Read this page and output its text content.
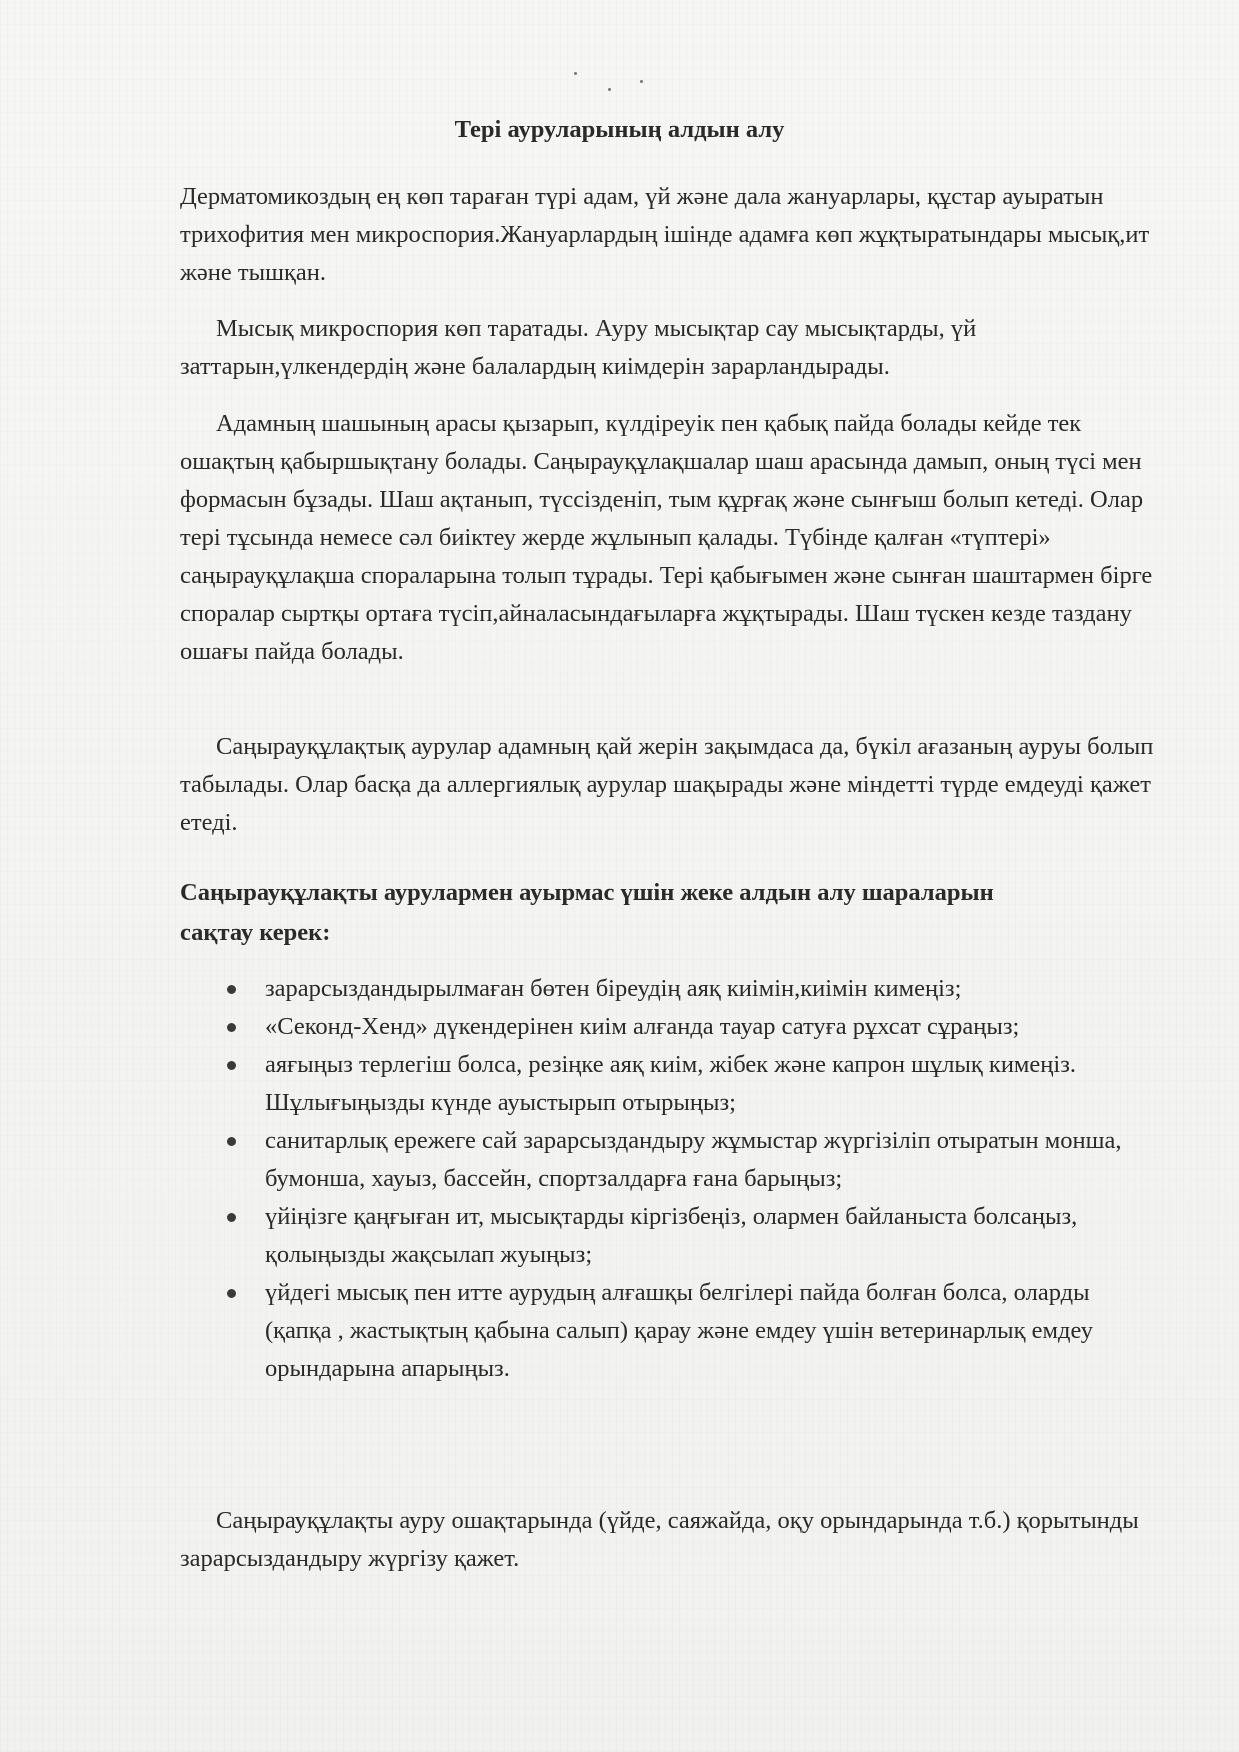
Тері ауруларының алдын алу

Дерматомикоздың ең көп тараған түрі адам, үй және дала жануарлары, құстар ауыратын трихофития мен микроспория.Жануарлардың ішінде адамға көп жұқтыратындары мысық,ит және тышқан.

Мысық микроспория көп таратады. Ауру мысықтар сау мысықтарды, үй заттарын,үлкендердің және балалардың киімдерін зарарландырады.

Адамның шашының арасы қызарып, күлдіреуік пен қабық пайда болады кейде тек ошақтың қабыршықтану болады. Саңырауқұлақшалар шаш арасында дамып, оның түсі мен формасын бұзады. Шаш ақтанып, түссізденіп, тым құрғақ және сынғыш болып кетеді. Олар тері тұсында немесе сәл биіктеу жерде жұлынып қалады. Түбінде қалған «түптері» саңырауқұлақша спораларына толып тұрады. Тері қабығымен және сынған шаштармен бірге споралар сыртқы ортаға түсіп,айналасындағыларға жұқтырады. Шаш түскен кезде таздану ошағы пайда болады.

Саңырауқұлақтық аурулар адамның қай жерін зақымдаса да, бүкіл ағазаның ауруы болып табылады. Олар басқа да аллергиялық аурулар шақырады және міндетті түрде емдеуді қажет етеді.

Саңырауқұлақты аурулармен ауырмас үшін жеке алдын алу шараларын сақтау керек:

зарарсыздандырылмаған бөтен біреудің аяқ киімін,киімін кимеңіз;
«Секонд-Хенд» дүкендерінен киім алғанда тауар сатуға рұхсат сұраңыз;
аяғыңыз терлегіш болса, резіңке аяқ киім, жібек және капрон шұлық кимеңіз. Шұлығыңызды күнде ауыстырып отырыңыз;
санитарлық ережеге сай зарарсыздандыру жұмыстар жүргізіліп отыратын монша, бумонша, хауыз, бассейн, спортзалдарға ғана барыңыз;
үйіңізге қаңғыған ит, мысықтарды кіргізбеңіз, олармен байланыста болсаңыз, қолыңызды жақсылап жуыңыз;
үйдегі мысық пен итте аурудың алғашқы белгілері пайда болған болса, оларды (қапқа , жастықтың қабына салып) қарау және емдеу үшін ветеринарлық емдеу орындарына апарыңыз.

Саңырауқұлақты ауру ошақтарында (үйде, саяжайда, оқу орындарында т.б.) қорытынды зарарсыздандыру жүргізу қажет.
